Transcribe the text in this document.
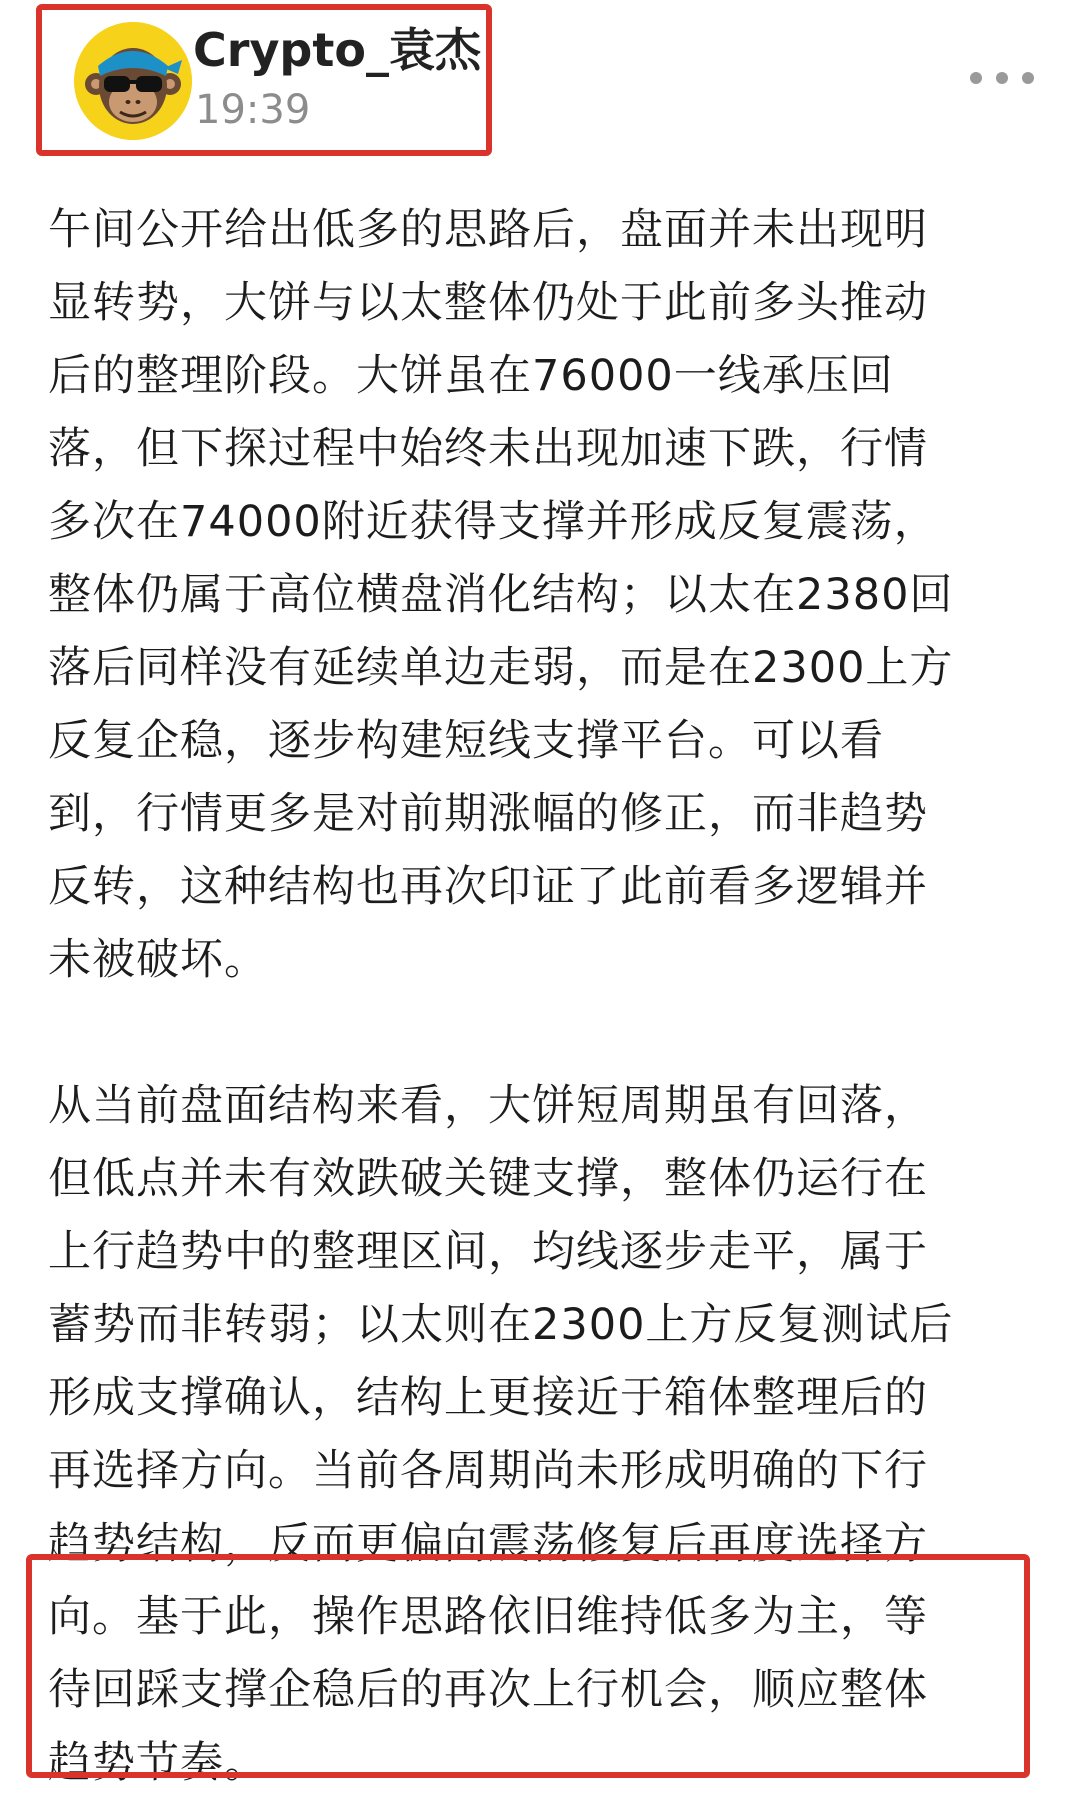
Crypto_袁杰
19:39

午间公开给出低多的思路后，盘面并未出现明
显转势，大饼与以太整体仍处于此前多头推动
后的整理阶段。大饼虽在76000一线承压回
落，但下探过程中始终未出现加速下跌，行情
多次在74000附近获得支撑并形成反复震荡，
整体仍属于高位横盘消化结构；以太在2380回
落后同样没有延续单边走弱，而是在2300上方
反复企稳，逐步构建短线支撑平台。可以看
到，行情更多是对前期涨幅的修正，而非趋势
反转，这种结构也再次印证了此前看多逻辑并
未被破坏。

从当前盘面结构来看，大饼短周期虽有回落，
但低点并未有效跌破关键支撑，整体仍运行在
上行趋势中的整理区间，均线逐步走平，属于
蓄势而非转弱；以太则在2300上方反复测试后
形成支撑确认，结构上更接近于箱体整理后的
再选择方向。当前各周期尚未形成明确的下行
趋势结构，反而更偏向震荡修复后再度选择方
向。基于此，操作思路依旧维持低多为主，等
待回踩支撑企稳后的再次上行机会，顺应整体
趋势节奏。
